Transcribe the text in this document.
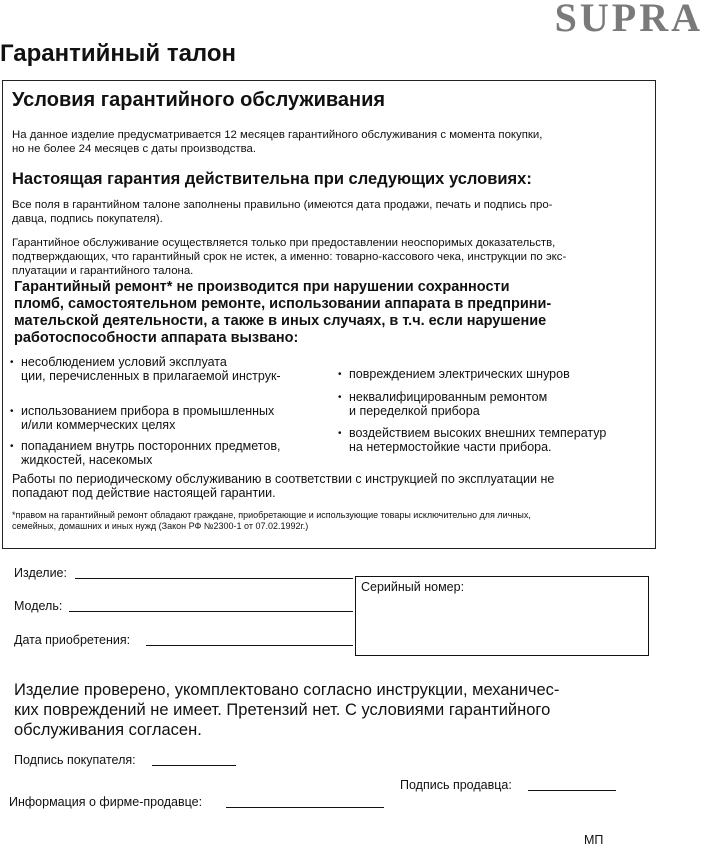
SUPRA
Гарантийный талон
Условия гарантийного обслуживания
На данное изделие предусматривается 12 месяцев гарантийного обслуживания с момента покупки,
но не более 24 месяцев с даты производства.
Настоящая гарантия действительна при следующих условиях:
Все поля в гарантийном талоне заполнены правильно (имеются дата продажи, печать и подпись про-
давца, подпись покупателя).
Гарантийное обслуживание осуществляется только при предоставлении неоспоримых доказательств,
подтверждающих, что гарантийный срок не истек, а именно: товарно-кассового чека, инструкции по экс-
плуатации и гарантийного талона.
Гарантийный ремонт* не производится при нарушении сохранности
пломб, самостоятельном ремонте, использовании аппарата в предприни-
мательской деятельности, а также в иных случаях, в т.ч. если нарушение
работоспособности аппарата вызвано:
• несоблюдением условий эксплуата
ции, перечисленных в прилагаемой инструк-
• использованием прибора в промышленных
и/или коммерческих целях
• попаданием внутрь посторонних предметов,
жидкостей, насекомых
• повреждением электрических шнуров
• неквалифицированным ремонтом
и переделкой прибора
• воздействием высоких внешних температур
на нетермостойкие части прибора.
Работы по периодическому обслуживанию в соответствии с инструкцией по эксплуатации не
попадают под действие настоящей гарантии.
*правом на гарантийный ремонт обладают граждане, приобретающие и использующие товары исключительно для личных,
семейных, домашних и иных нужд (Закон РФ №2300-1 от 07.02.1992г.)
Изделие:
Модель:
Дата приобретения:
Серийный номер:
Изделие проверено, укомплектовано согласно инструкции, механичес-
ких повреждений не имеет. Претензий нет. С условиями гарантийного
обслуживания согласен.
Подпись покупателя:
Подпись продавца:
Информация о фирме-продавце:
МП
